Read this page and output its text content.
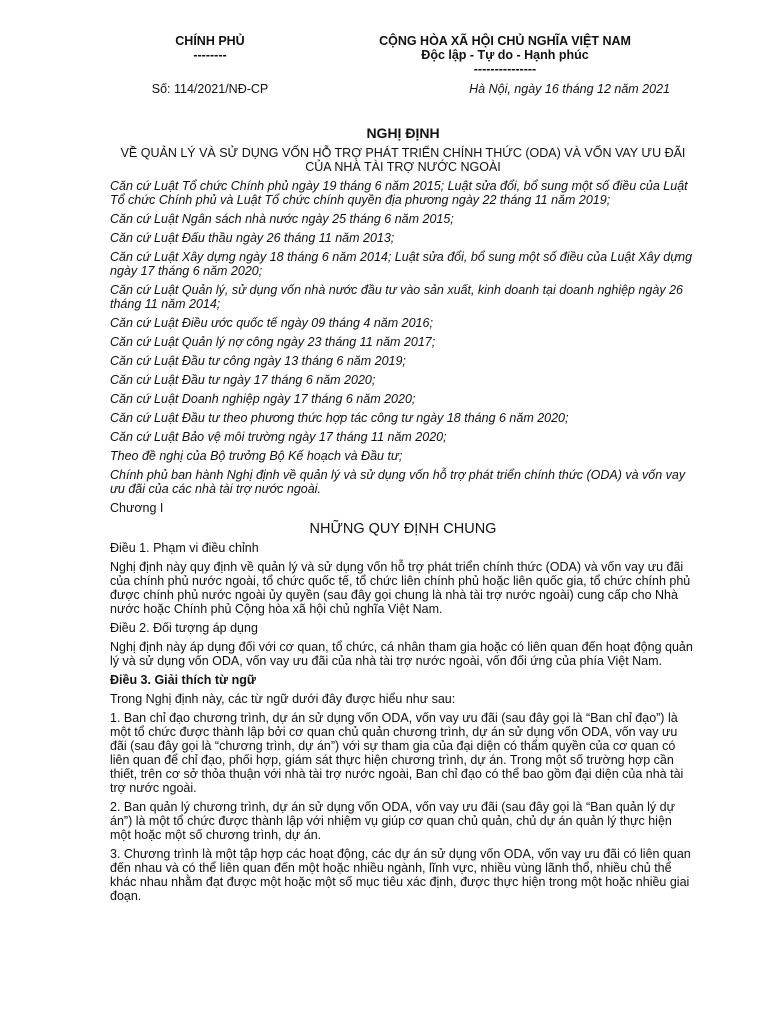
CHÍNH PHỦ
--------
CỘNG HÒA XÃ HỘI CHỦ NGHĨA VIỆT NAM
Độc lập - Tự do - Hạnh phúc
---------------
Số: 114/2021/NĐ-CP	Hà Nội, ngày 16 tháng 12 năm 2021
NGHỊ ĐỊNH
VỀ QUẢN LÝ VÀ SỬ DỤNG VỐN HỖ TRỢ PHÁT TRIỂN CHÍNH THỨC (ODA) VÀ VỐN VAY ƯU ĐÃI CỦA NHÀ TÀI TRỢ NƯỚC NGOÀI

Căn cứ Luật Tổ chức Chính phủ ngày 19 tháng 6 năm 2015; Luật sửa đổi, bổ sung một số điều của Luật Tổ chức Chính phủ và Luật Tổ chức chính quyền địa phương ngày 22 tháng 11 năm 2019;

Căn cứ Luật Ngân sách nhà nước ngày 25 tháng 6 năm 2015;

Căn cứ Luật Đấu thầu ngày 26 tháng 11 năm 2013;

Căn cứ Luật Xây dựng ngày 18 tháng 6 năm 2014; Luật sửa đổi, bổ sung một số điều của Luật Xây dựng ngày 17 tháng 6 năm 2020;

Căn cứ Luật Quản lý, sử dụng vốn nhà nước đầu tư vào sản xuất, kinh doanh tại doanh nghiệp ngày 26 tháng 11 năm 2014;

Căn cứ Luật Điều ước quốc tế ngày 09 tháng 4 năm 2016;

Căn cứ Luật Quản lý nợ công ngày 23 tháng 11 năm 2017;

Căn cứ Luật Đầu tư công ngày 13 tháng 6 năm 2019;

Căn cứ Luật Đầu tư ngày 17 tháng 6 năm 2020;

Căn cứ Luật Doanh nghiệp ngày 17 tháng 6 năm 2020;

Căn cứ Luật Đầu tư theo phương thức hợp tác công tư ngày 18 tháng 6 năm 2020;

Căn cứ Luật Bảo vệ môi trường ngày 17 tháng 11 năm 2020;

Theo đề nghị của Bộ trưởng Bộ Kế hoạch và Đầu tư;

Chính phủ ban hành Nghị định về quản lý và sử dụng vốn hỗ trợ phát triển chính thức (ODA) và vốn vay ưu đãi của các nhà tài trợ nước ngoài.

Chương I

NHỮNG QUY ĐỊNH CHUNG

Điều 1. Phạm vi điều chỉnh

Nghị định này quy định về quản lý và sử dụng vốn hỗ trợ phát triển chính thức (ODA) và vốn vay ưu đãi của chính phủ nước ngoài, tổ chức quốc tế, tổ chức liên chính phủ hoặc liên quốc gia, tổ chức chính phủ được chính phủ nước ngoài ủy quyền (sau đây gọi chung là nhà tài trợ nước ngoài) cung cấp cho Nhà nước hoặc Chính phủ Cộng hòa xã hội chủ nghĩa Việt Nam.

Điều 2. Đối tượng áp dụng

Nghị định này áp dụng đối với cơ quan, tổ chức, cá nhân tham gia hoặc có liên quan đến hoạt động quản lý và sử dụng vốn ODA, vốn vay ưu đãi của nhà tài trợ nước ngoài, vốn đối ứng của phía Việt Nam.

Điều 3. Giải thích từ ngữ

Trong Nghị định này, các từ ngữ dưới đây được hiểu như sau:

1. Ban chỉ đạo chương trình, dự án sử dụng vốn ODA, vốn vay ưu đãi (sau đây gọi là “Ban chỉ đạo”) là một tổ chức được thành lập bởi cơ quan chủ quản chương trình, dự án sử dụng vốn ODA, vốn vay ưu đãi (sau đây gọi là “chương trình, dự án”) với sự tham gia của đại diện có thẩm quyền của cơ quan có liên quan để chỉ đạo, phối hợp, giám sát thực hiện chương trình, dự án. Trong một số trường hợp cần thiết, trên cơ sở thỏa thuận với nhà tài trợ nước ngoài, Ban chỉ đạo có thể bao gồm đại diện của nhà tài trợ nước ngoài.

2. Ban quản lý chương trình, dự án sử dụng vốn ODA, vốn vay ưu đãi (sau đây gọi là “Ban quản lý dự án”) là một tổ chức được thành lập với nhiệm vụ giúp cơ quan chủ quản, chủ dự án quản lý thực hiện một hoặc một số chương trình, dự án.

3. Chương trình là một tập hợp các hoạt động, các dự án sử dụng vốn ODA, vốn vay ưu đãi có liên quan đến nhau và có thể liên quan đến một hoặc nhiều ngành, lĩnh vực, nhiều vùng lãnh thổ, nhiều chủ thể khác nhau nhằm đạt được một hoặc một số mục tiêu xác định, được thực hiện trong một hoặc nhiều giai đoạn.
